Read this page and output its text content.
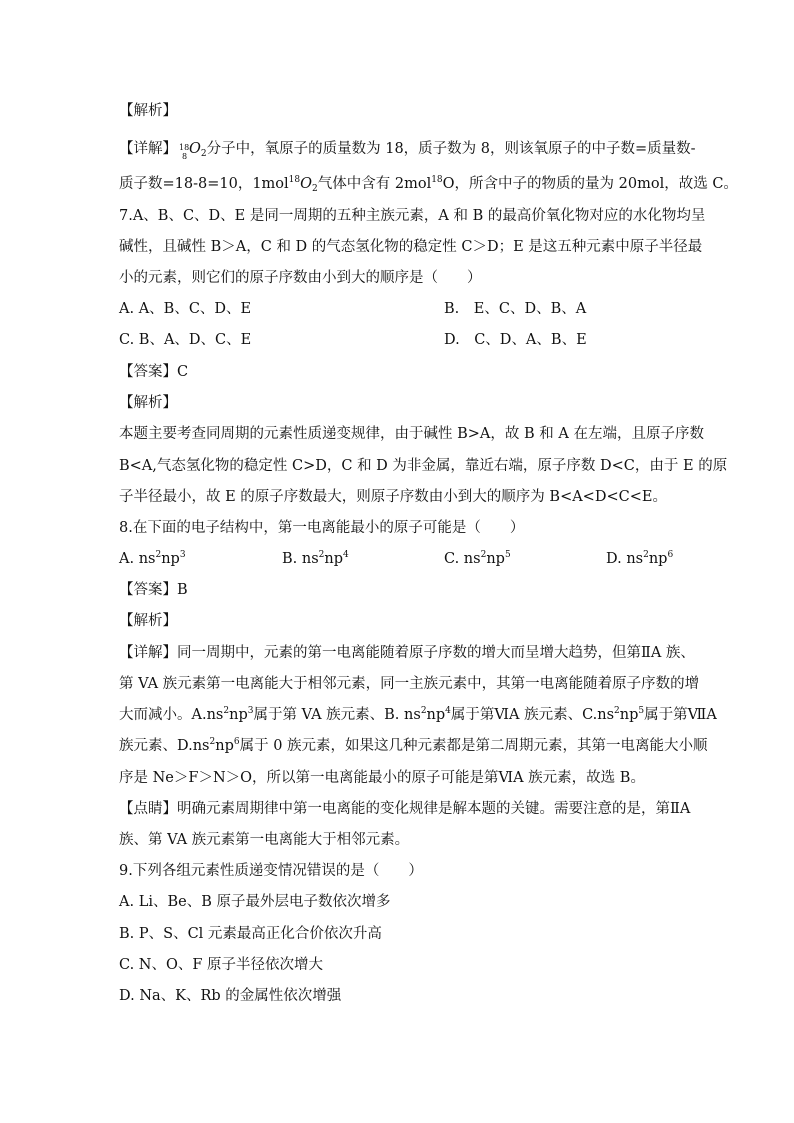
【解析】
【详解】 18
8 $O_2$分子中，氧原子的质量数为 18，质子数为 8，则该氧原子的中子数=质量数-
质子数=18-8=10，$1mol^{18}O_2$气体中含有 2mol$^{18}$O，所含中子的物质的量为 20mol，故选 C。
7.A、B、C、D、E 是同一周期的五种主族元素，A 和 B 的最高价氧化物对应的水化物均呈
碱性，且碱性 B＞A，C 和 D 的气态氢化物的稳定性 C＞D；E 是这五种元素中原子半径最
小的元素，则它们的原子序数由小到大的顺序是（　　）
A. A、B、C、D、E	B.　E、C、D、B、A
C. B、A、D、C、E	D.　C、D、A、B、E
【答案】C
【解析】
本题主要考查同周期的元素性质递变规律，由于碱性 B>A，故 B 和 A 在左端，且原子序数
B<A,气态氢化物的稳定性 C>D，C 和 D 为非金属，靠近右端，原子序数 D<C，由于 E 的原
子半径最小，故 E 的原子序数最大，则原子序数由小到大的顺序为 B<A<D<C<E。
8.在下面的电子结构中，第一电离能最小的原子可能是（　　）
A. $ns^2np^3$	B. $ns^2np^4$	C. $ns^2np^5$	D. $ns^2np^6$
【答案】B
【解析】
【详解】同一周期中，元素的第一电离能随着原子序数的增大而呈增大趋势，但第ⅡA 族、
第 VA 族元素第一电离能大于相邻元素，同一主族元素中，其第一电离能随着原子序数的增
大而减小。$A.ns^2np^3$属于第 VA 族元素、B. $ns^2np^4$属于第ⅥA 族元素、$C.ns^2np^5$属于第ⅦA
族元素、$D.ns^2np^6$属于 0 族元素，如果这几种元素都是第二周期元素，其第一电离能大小顺
序是 Ne＞F＞N＞O，所以第一电离能最小的原子可能是第ⅥA 族元素，故选 B。
【点睛】明确元素周期律中第一电离能的变化规律是解本题的关键。需要注意的是，第ⅡA
族、第 VA 族元素第一电离能大于相邻元素。
9.下列各组元素性质递变情况错误的是（　　）
A. Li、Be、B 原子最外层电子数依次增多
B. P、S、Cl 元素最高正化合价依次升高
C. N、O、F 原子半径依次增大
D. Na、K、Rb 的金属性依次增强
